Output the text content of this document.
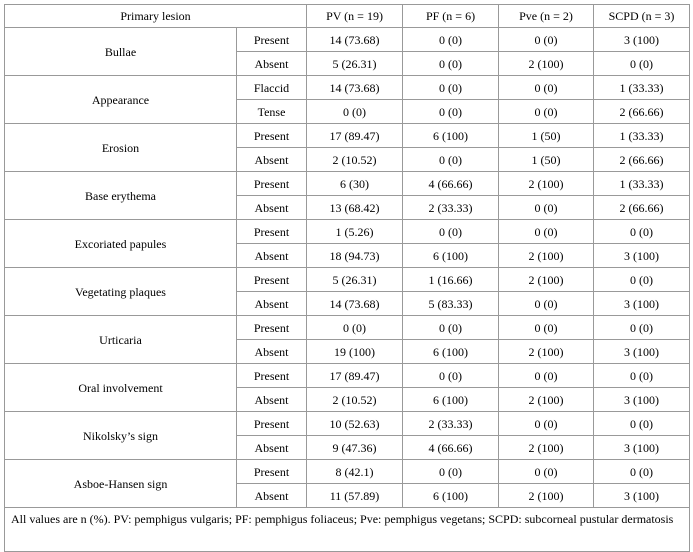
Primary lesion		PV (n = 19)	PF (n = 6)	Pve (n = 2)	SCPD (n = 3)
Bullae	Present	14 (73.68)	0 (0)	0 (0)	3 (100)
	Absent	5 (26.31)	0 (0)	2 (100)	0 (0)
Appearance	Flaccid	14 (73.68)	0 (0)	0 (0)	1 (33.33)
	Tense	0 (0)	0 (0)	0 (0)	2 (66.66)
Erosion	Present	17 (89.47)	6 (100)	1 (50)	1 (33.33)
	Absent	2 (10.52)	0 (0)	1 (50)	2 (66.66)
Base erythema	Present	6 (30)	4 (66.66)	2 (100)	1 (33.33)
	Absent	13 (68.42)	2 (33.33)	0 (0)	2 (66.66)
Excoriated papules	Present	1 (5.26)	0 (0)	0 (0)	0 (0)
	Absent	18 (94.73)	6 (100)	2 (100)	3 (100)
Vegetating plaques	Present	5 (26.31)	1 (16.66)	2 (100)	0 (0)
	Absent	14 (73.68)	5 (83.33)	0 (0)	3 (100)
Urticaria	Present	0 (0)	0 (0)	0 (0)	0 (0)
	Absent	19 (100)	6 (100)	2 (100)	3 (100)
Oral involvement	Present	17 (89.47)	0 (0)	0 (0)	0 (0)
	Absent	2 (10.52)	6 (100)	2 (100)	3 (100)
Nikolsky’s sign	Present	10 (52.63)	2 (33.33)	0 (0)	0 (0)
	Absent	9 (47.36)	4 (66.66)	2 (100)	3 (100)
Asboe-Hansen sign	Present	8 (42.1)	0 (0)	0 (0)	0 (0)
	Absent	11 (57.89)	6 (100)	2 (100)	3 (100)
All values are n (%). PV: pemphigus vulgaris; PF: pemphigus foliaceus; Pve: pemphigus vegetans; SCPD: subcorneal pustular dermatosis					
